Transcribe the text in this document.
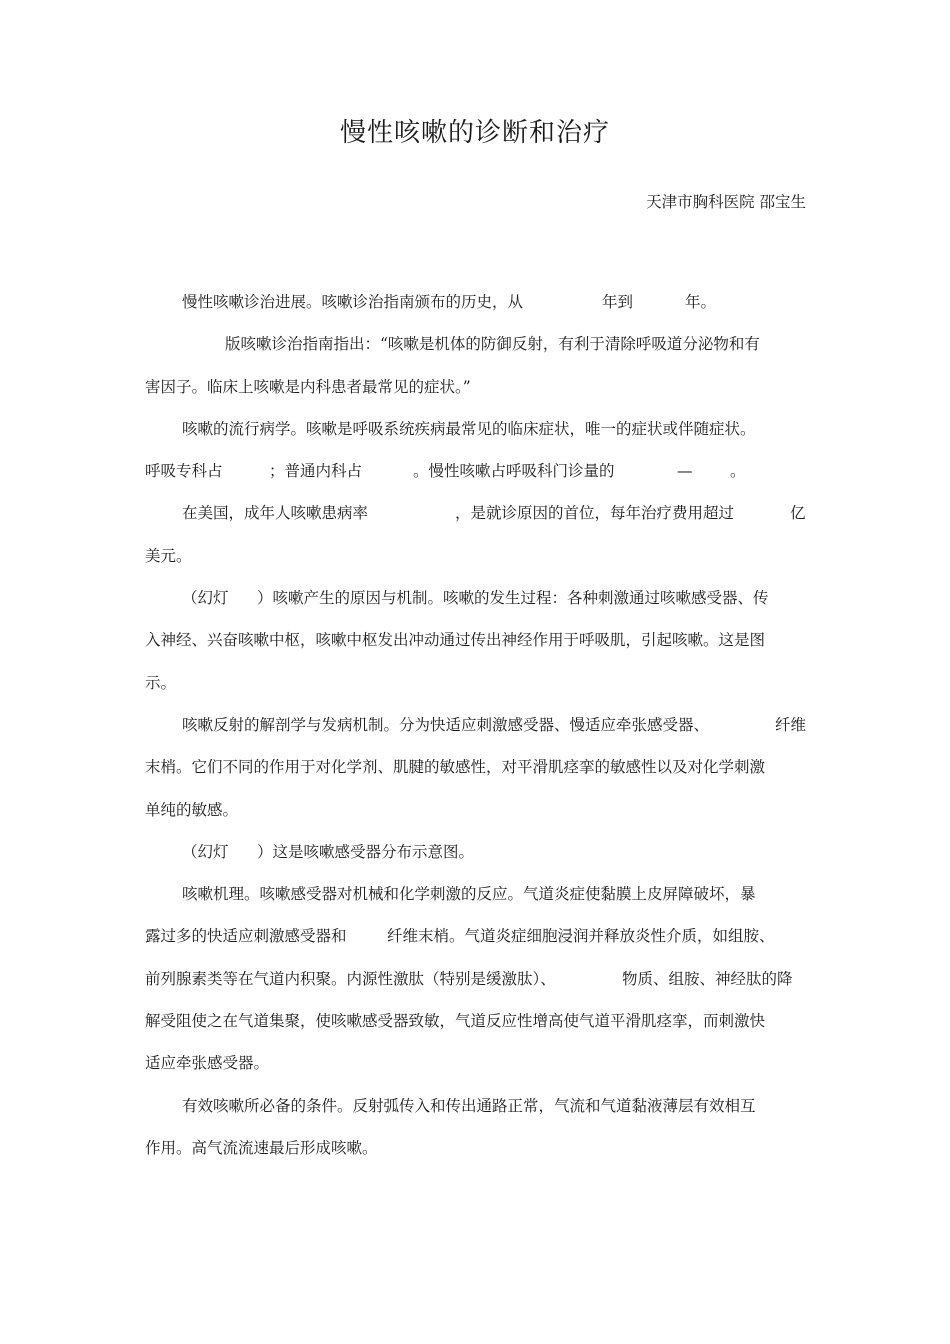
慢性咳嗽的诊断和治疗

天津市胸科医院 邵宝生

慢性咳嗽诊治进展。咳嗽诊治指南颁布的历史，从	年到	年。
版咳嗽诊治指南指出：“咳嗽是机体的防御反射，有利于清除呼吸道分泌物和有
害因子。临床上咳嗽是内科患者最常见的症状。”
咳嗽的流行病学。咳嗽是呼吸系统疾病最常见的临床症状，唯一的症状或伴随症状。
呼吸专科占	；普通内科占	。慢性咳嗽占呼吸科门诊量的	— 。
在美国，成年人咳嗽患病率	，是就诊原因的首位，每年治疗费用超过	亿
美元。
（幻灯 ）咳嗽产生的原因与机制。咳嗽的发生过程：各种刺激通过咳嗽感受器、传
入神经、兴奋咳嗽中枢，咳嗽中枢发出冲动通过传出神经作用于呼吸肌，引起咳嗽。这是图
示。
咳嗽反射的解剖学与发病机制。分为快适应刺激感受器、慢适应牵张感受器、	纤维
末梢。它们不同的作用于对化学剂、肌腱的敏感性，对平滑肌痉挛的敏感性以及对化学刺激
单纯的敏感。
（幻灯 ）这是咳嗽感受器分布示意图。
咳嗽机理。咳嗽感受器对机械和化学刺激的反应。气道炎症使黏膜上皮屏障破坏，暴
露过多的快适应刺激感受器和	纤维末梢。气道炎症细胞浸润并释放炎性介质，如组胺、
前列腺素类等在气道内积聚。内源性激肽（特别是缓激肽）、	物质、组胺、神经肽的降
解受阻使之在气道集聚，使咳嗽感受器致敏，气道反应性增高使气道平滑肌痉挛，而刺激快
适应牵张感受器。
有效咳嗽所必备的条件。反射弧传入和传出通路正常，气流和气道黏液薄层有效相互
作用。高气流流速最后形成咳嗽。
